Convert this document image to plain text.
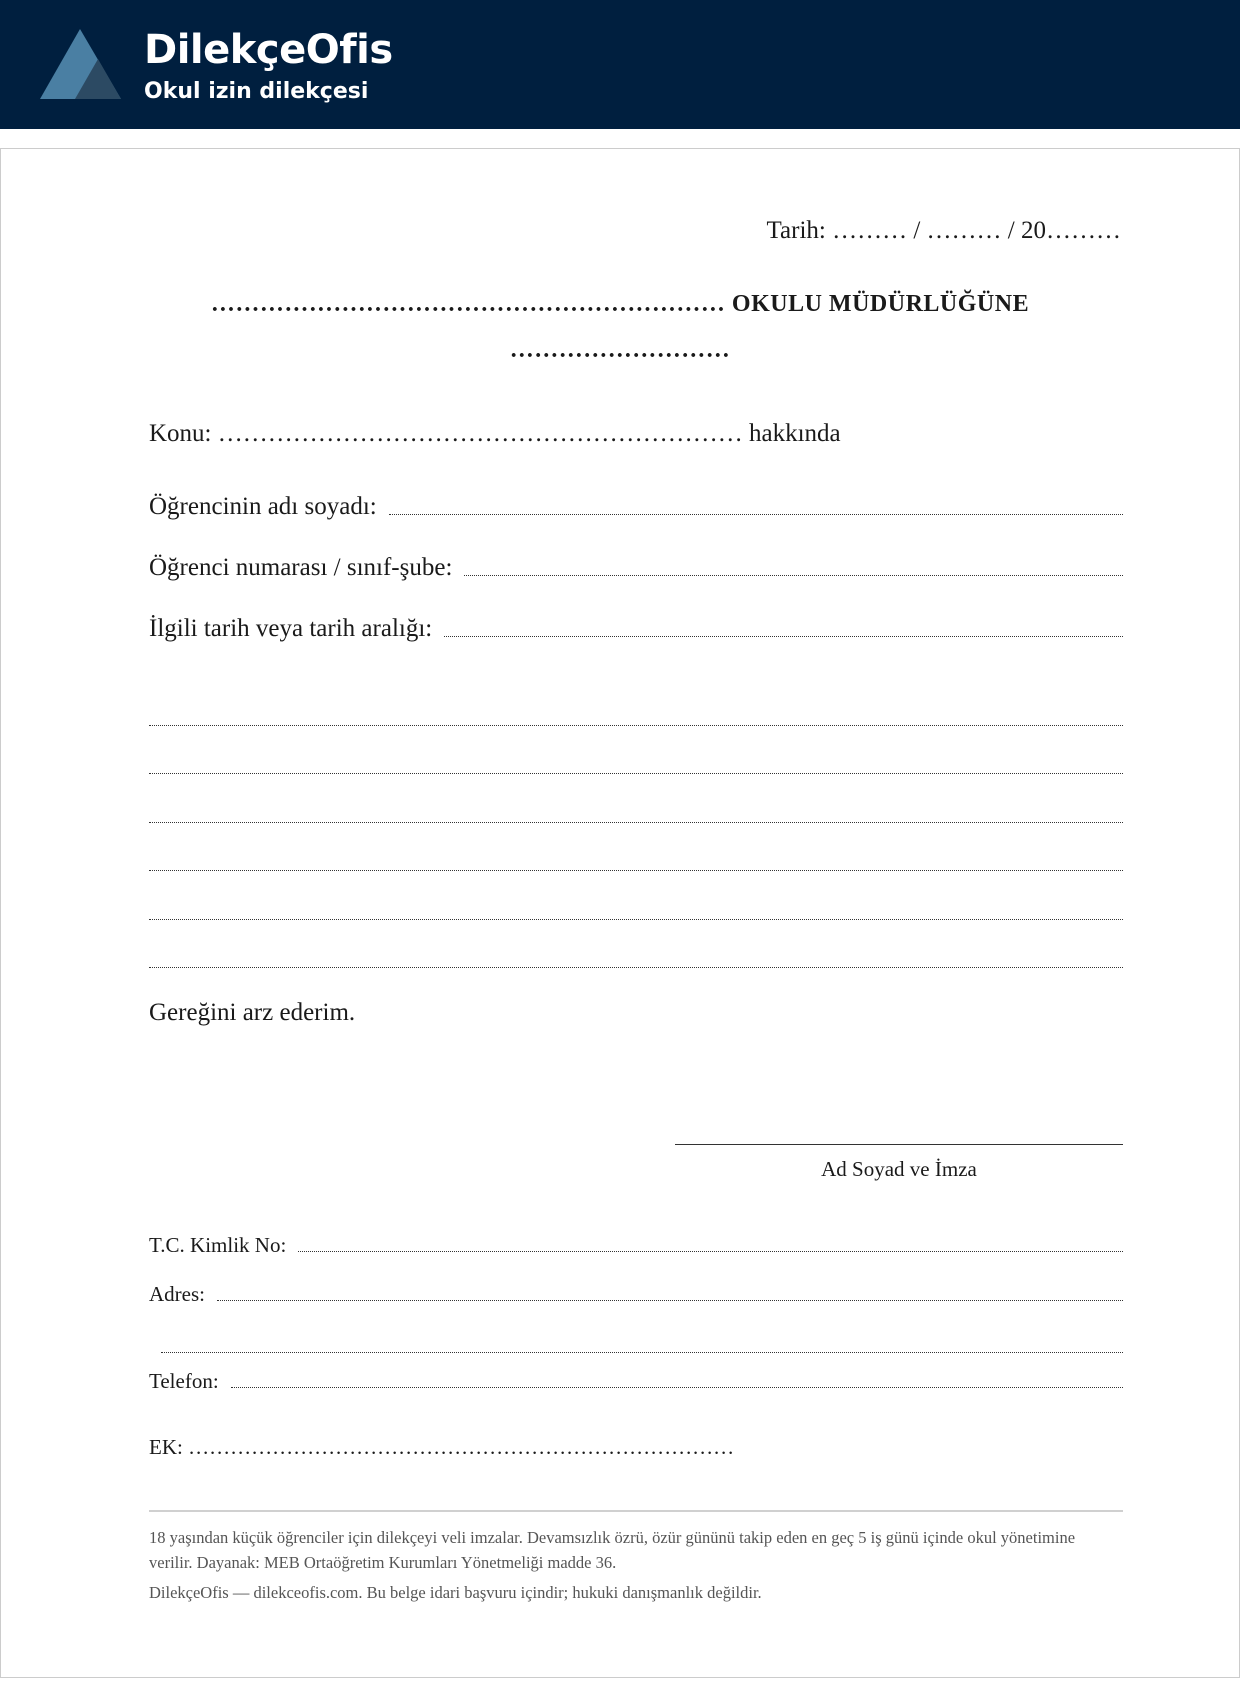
DilekçeOfis
Okul izin dilekçesi
Tarih: ……… / ……… / 20………
……………………………………………………… OKULU MÜDÜRLÜĞÜNE
………………………
Konu: ……………………………………………………… hakkında
Öğrencinin adı soyadı:
Öğrenci numarası / sınıf-şube:
İlgili tarih veya tarih aralığı:
Gereğini arz ederim.
Ad Soyad ve İmza
T.C. Kimlik No:
Adres:
Telefon:
EK: ……………………………………………………………………
18 yaşından küçük öğrenciler için dilekçeyi veli imzalar. Devamsızlık özrü, özür gününü takip eden en geç 5 iş günü içinde okul yönetimine verilir. Dayanak: MEB Ortaöğretim Kurumları Yönetmeliği madde 36.
DilekçeOfis — dilekceofis.com. Bu belge idari başvuru içindir; hukuki danışmanlık değildir.
